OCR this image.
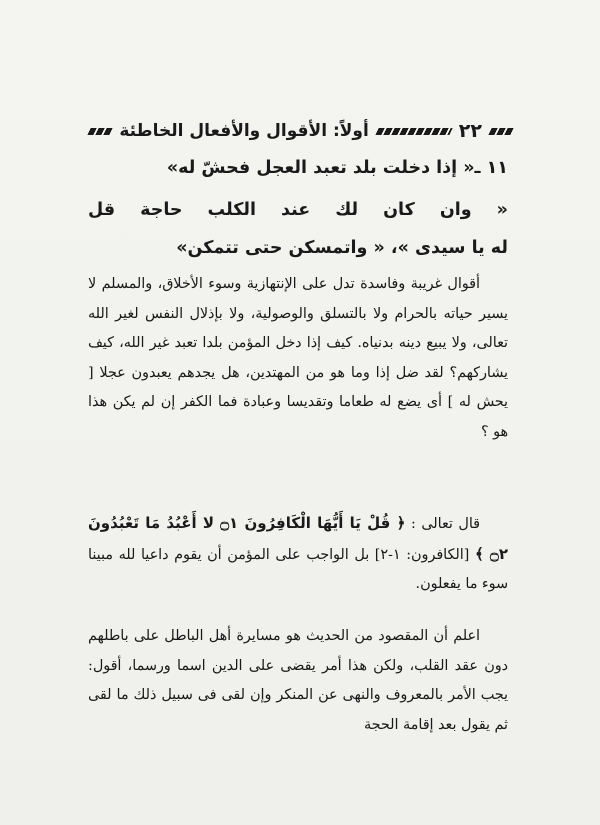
٢٢
أولاً: الأقوال والأفعال الخاطئة
١١ ـ« إذا دخلت بلد تعبد العجل فحشّ له»
« وان كان لك عند الكلب حاجة قل
له يا سيدى »، « واتمسكن حتى تتمكن»

أقوال غريبة وفاسدة تدل على الإنتهازية وسوء الأخلاق، والمسلم لا يسير حياته بالحرام ولا بالتسلق والوصولية، ولا بإذلال النفس لغير الله تعالى، ولا يبيع دينه بدنياه. كيف إذا دخل المؤمن بلدا تعبد غير الله، كيف يشاركهم؟ لقد ضل إذا وما هو من المهتدين، هل يجدهم يعبدون عجلا [ يحش له ] أى يضع له طعاما وتقديسا وعبادة فما الكفر إن لم يكن هذا هو ؟

قال تعالى : ﴿ قُلْ يَا أَيُّهَا الْكَافِرُونَ ۝١ لا أَعْبُدُ مَا تَعْبُدُونَ ۝٢ ﴾ [الكافرون: ١-٢] بل الواجب على المؤمن أن يقوم داعيا لله مبينا سوء ما يفعلون.

اعلم أن المقصود من الحديث هو مسايرة أهل الباطل على باطلهم دون عقد القلب، ولكن هذا أمر يقضى على الدين اسما ورسما، أقول: يجب الأمر بالمعروف والنهى عن المنكر وإن لقى فى سبيل ذلك ما لقى ثم يقول بعد إقامة الحجة
